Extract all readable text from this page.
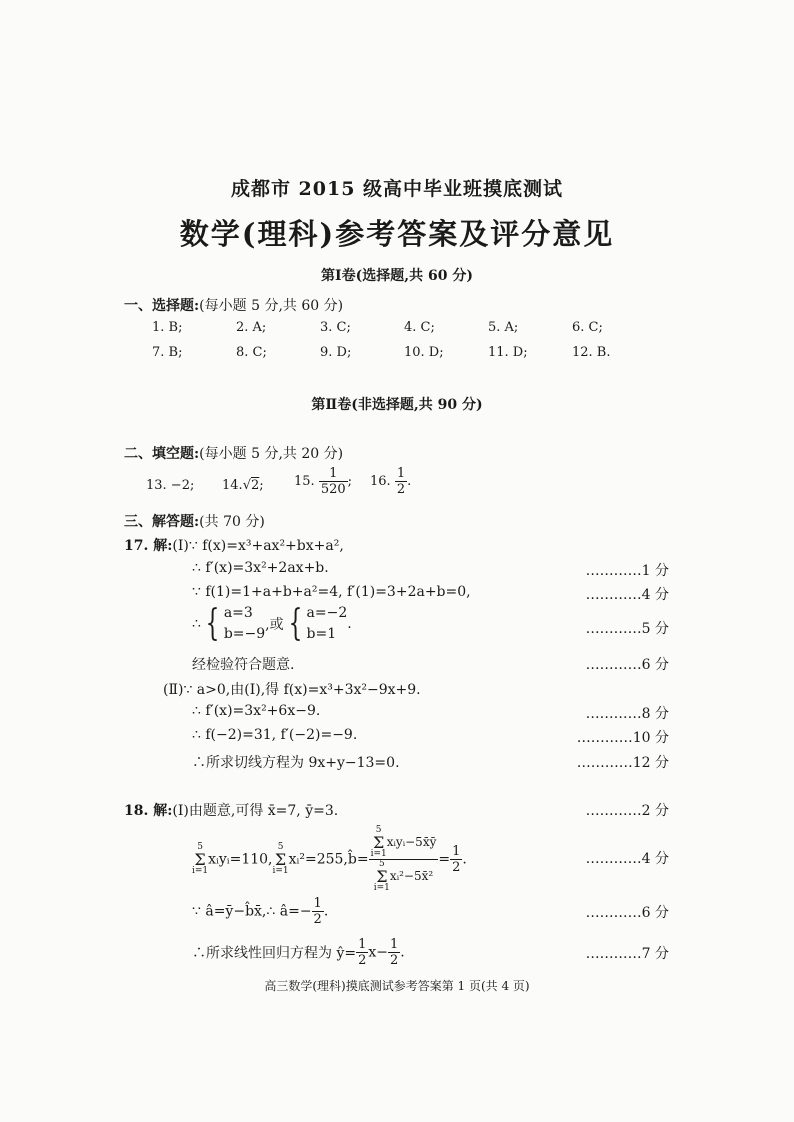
成都市 2015 级高中毕业班摸底测试
数学(理科)参考答案及评分意见
第Ⅰ卷(选择题,共 60 分)
一、选择题:(每小题 5 分,共 60 分)
1. B;	2. A;	3. C;	4. C;	5. A;	6. C;
7. B;	8. C;	9. D;	10. D;	11. D;	12. B.
第Ⅱ卷(非选择题,共 90 分)
二、填空题:(每小题 5 分,共 20 分)
13. −2; 14.√2; 15. $\frac{1}{520}$ ; 16. $\frac{1}{2}$ .
三、解答题:(共 70 分)
17. 解:(Ⅰ)∵ f(x)=x³+ax²+bx+a²,
∴ f′(x)=3x²+2ax+b.	…………1 分
∵ f(1)=1+a+b+a²=4, f′(1)=3+2a+b=0,	…………4 分
∴ { a=3
b=−9
,或 { a=−2
b=1
.	…………5 分
经检验符合题意.	…………6 分
(Ⅱ)∵ a>0,由(Ⅰ),得 f(x)=x³+3x²−9x+9.
∴ f′(x)=3x²+6x−9.	…………8 分
∴ f(−2)=31, f′(−2)=−9.	…………10 分
∴所求切线方程为 9x+y−13=0.	…………12 分
18. 解:(Ⅰ)由题意,可得 x̄=7, ȳ=3.	…………2 分
5
Σ
i=1xᵢyᵢ=110,5
Σ
i=1xᵢ²=255,b̂= 5
Σ
i=1xᵢyᵢ−5x̄ȳ
5
Σ
i=1xᵢ²−5x̄² = $\frac{1}{2}$ .	…………4 分
∵ â=ȳ−b̂x̄,∴ â=− $\frac{1}{2}$ .	…………6 分
∴所求线性回归方程为 ŷ= $\frac{1}{2} x- \frac{1}{2}$ .	…………7 分
高三数学(理科)摸底测试参考答案第 1 页(共 4 页)
